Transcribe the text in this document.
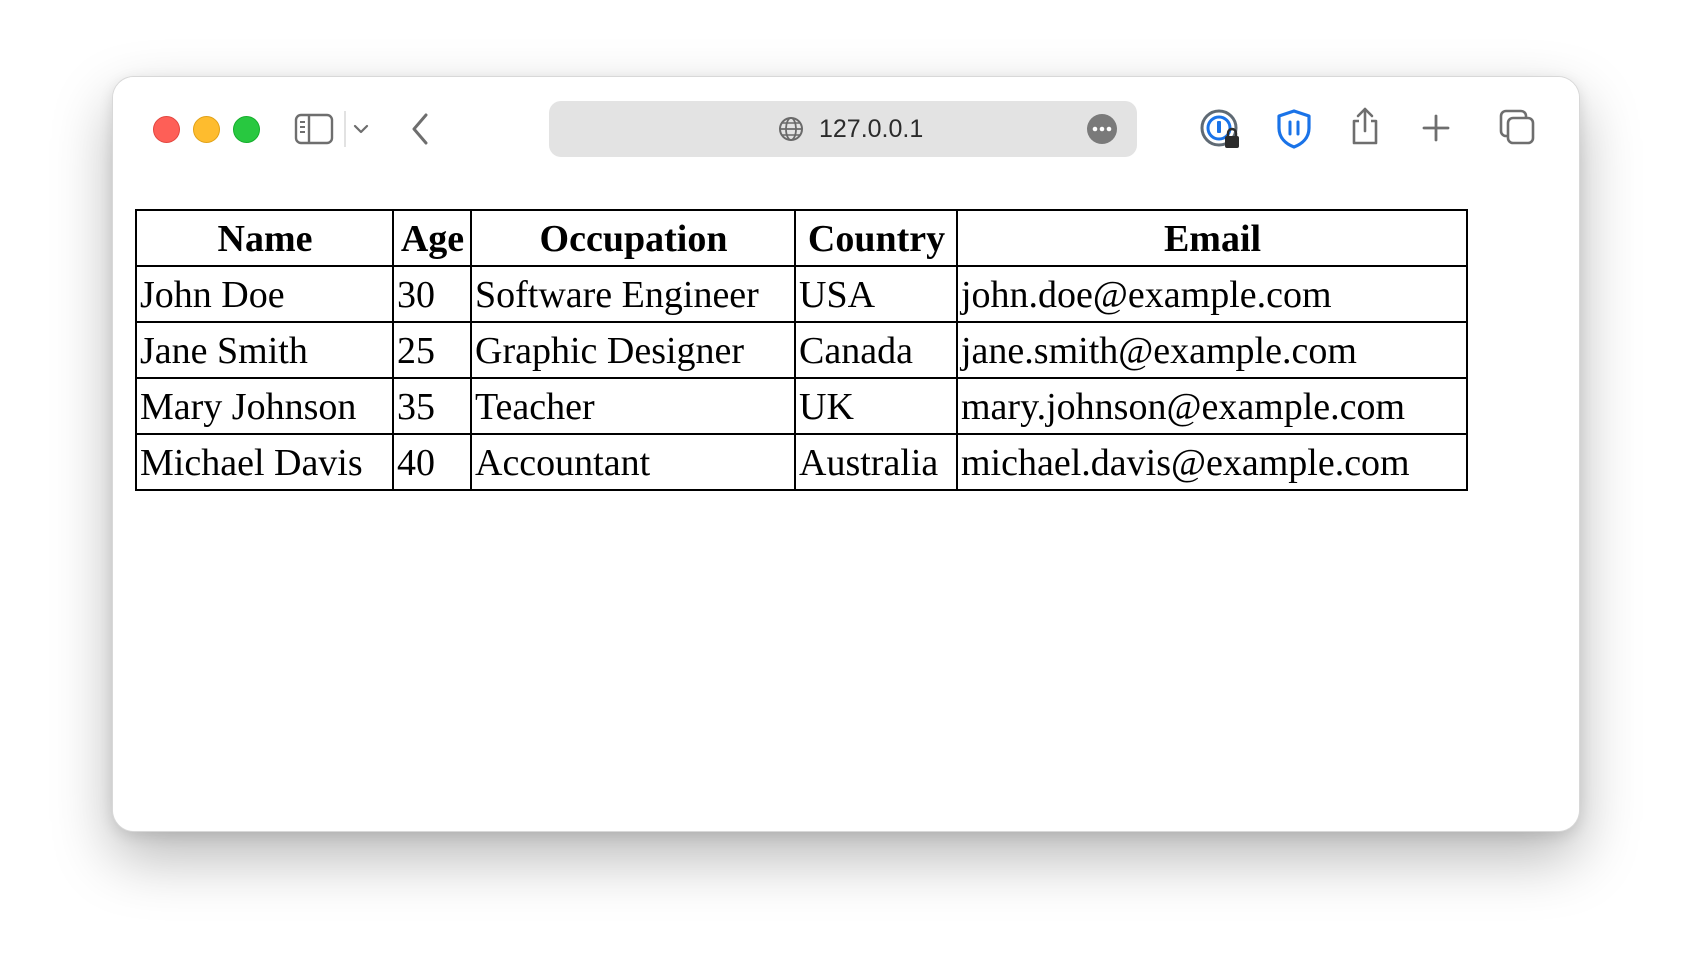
127.0.0.1
Name	Age	Occupation	Country	Email
John Doe	30	Software Engineer	USA	john.doe@example.com
Jane Smith	25	Graphic Designer	Canada	jane.smith@example.com
Mary Johnson	35	Teacher	UK	mary.johnson@example.com
Michael Davis	40	Accountant	Australia	michael.davis@example.com
